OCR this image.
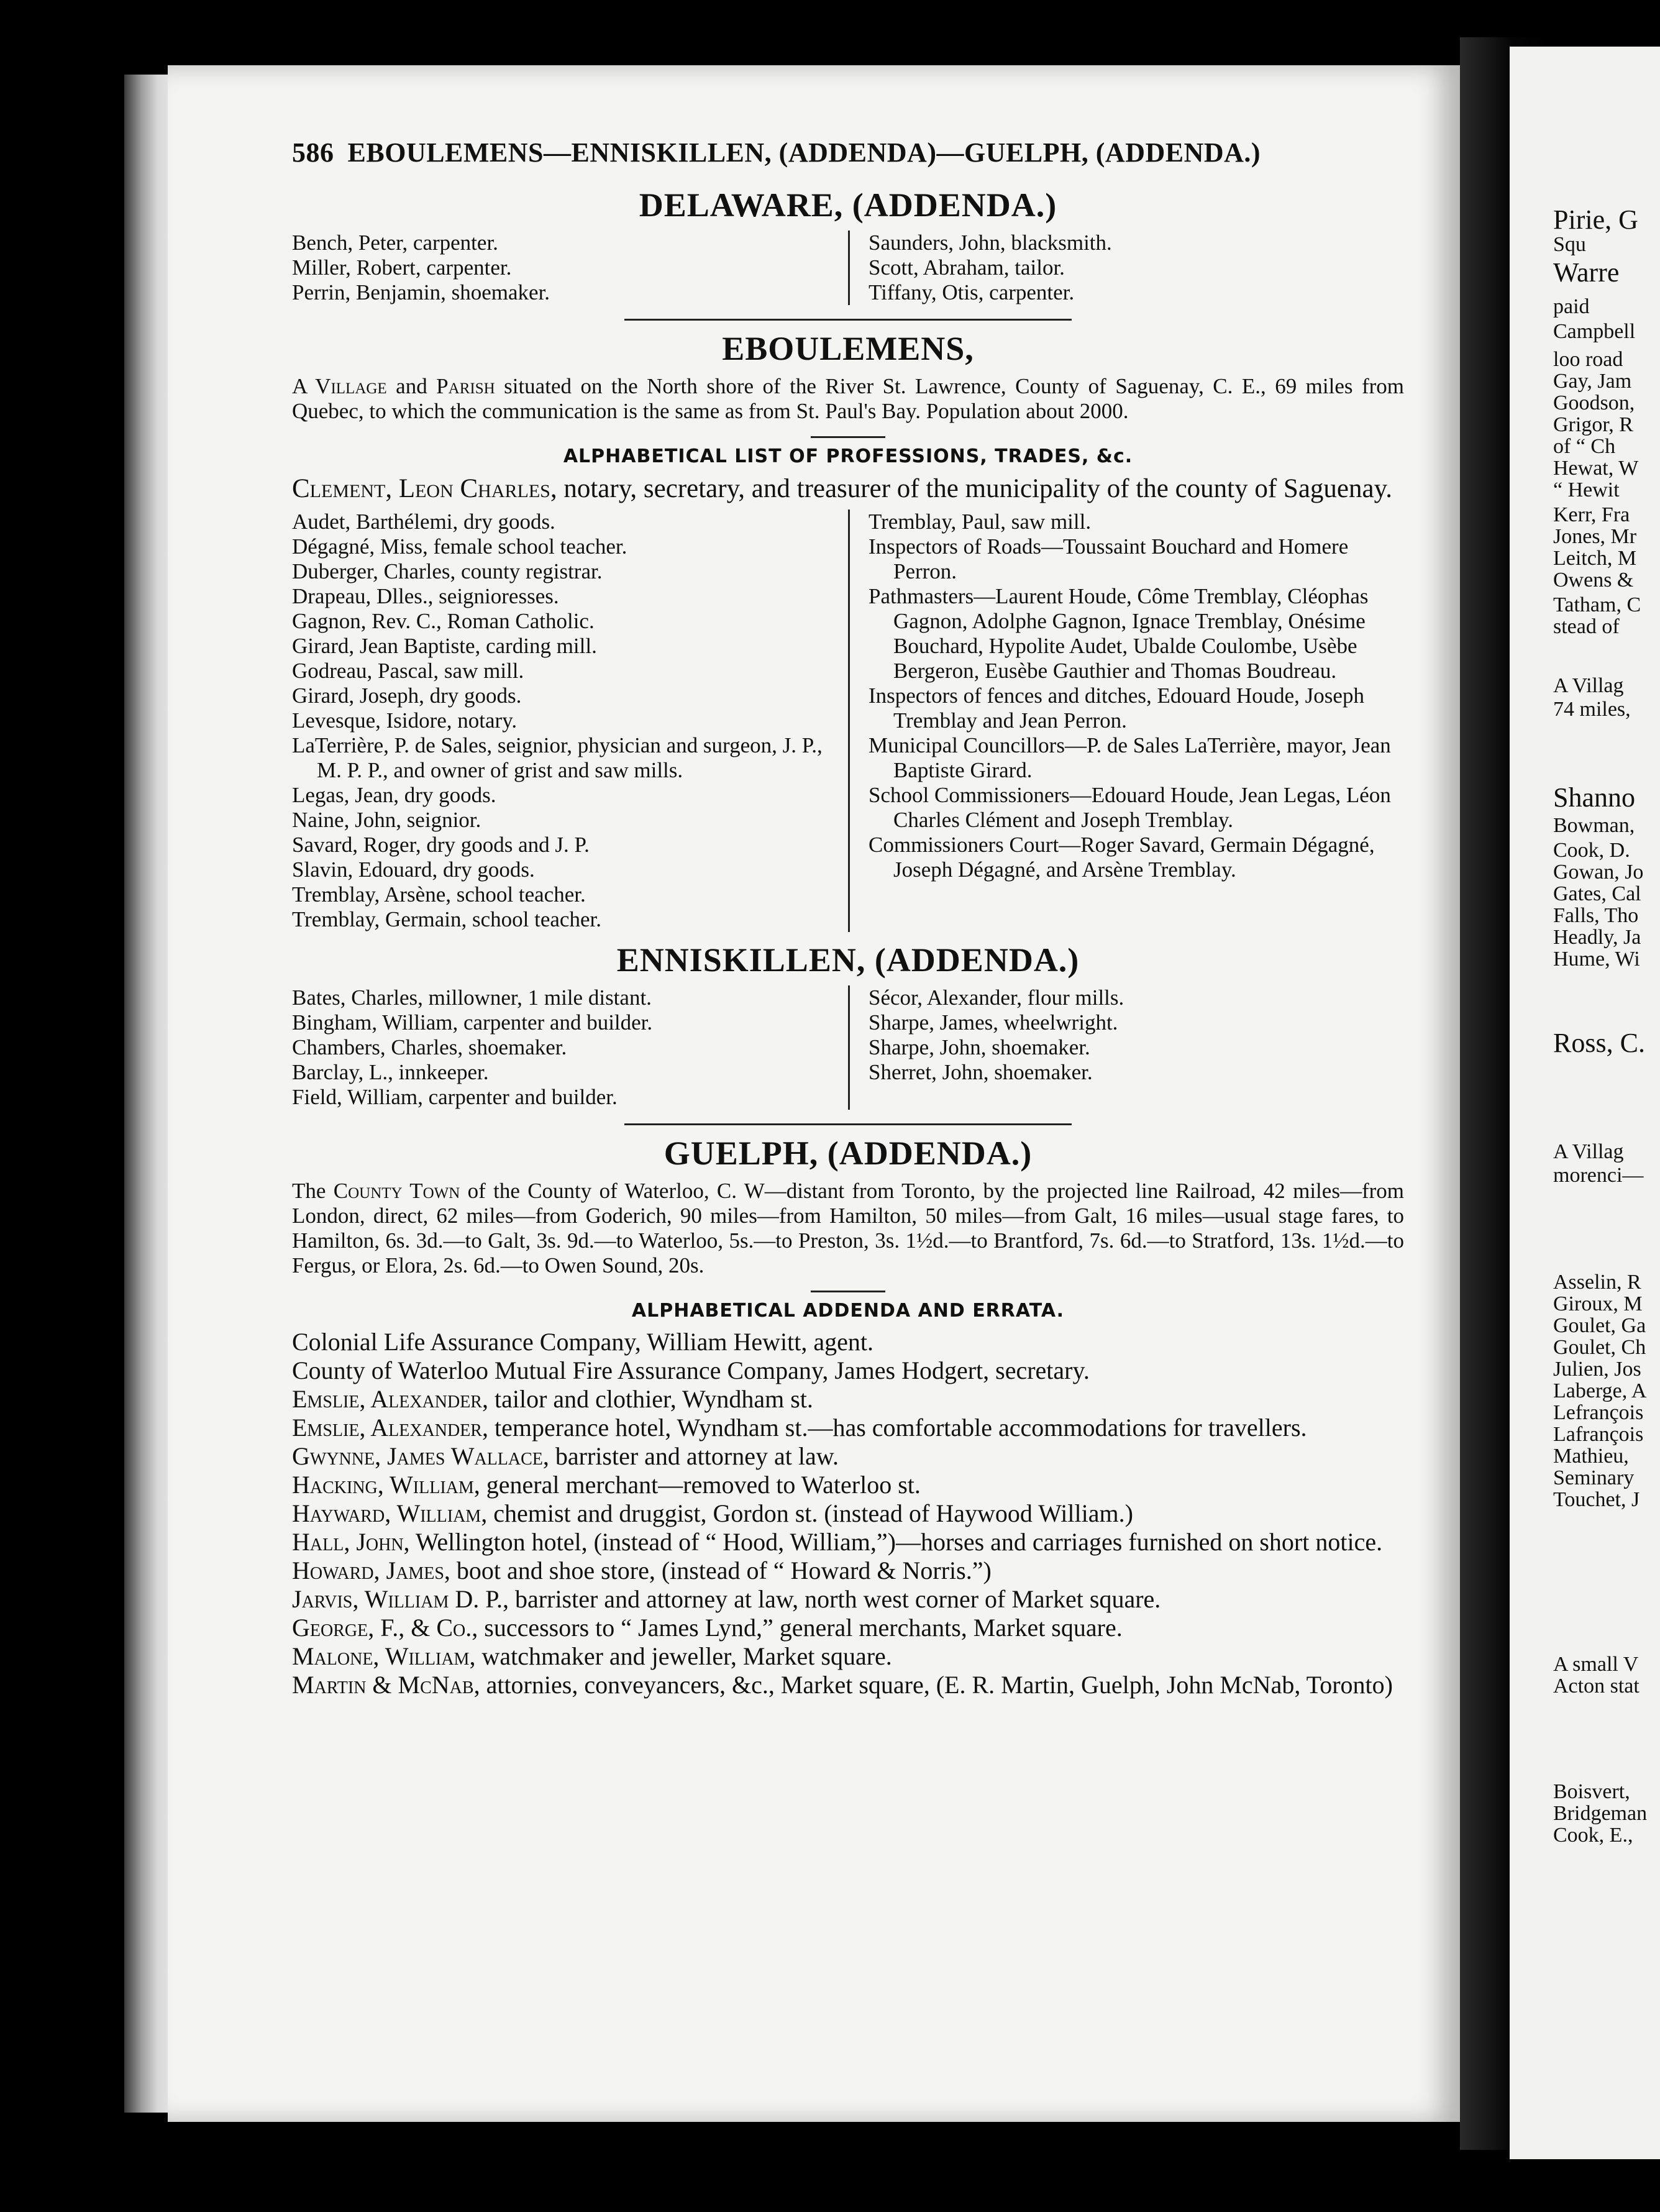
Pirie, G
Squ
Warre
paid
Campbell
loo road
Gay, Jam
Goodson,
Grigor, R
of “ Ch
Hewat, W
“ Hewit
Kerr, Fra
Jones, Mr
Leitch, M
Owens &
Tatham, C
stead of
A Villag
74 miles,
Shanno
Bowman,
Cook, D.
Gowan, Jo
Gates, Cal
Falls, Tho
Headly, Ja
Hume, Wi
Ross, C.
A Villag
morenci—
Asselin, R
Giroux, M
Goulet, Ga
Goulet, Ch
Julien, Jos
Laberge, A
Lefrançois
Lafrançois
Mathieu,
Seminary
Touchet, J
A small V
Acton stat
Boisvert,
Bridgeman
Cook, E.,
586 EBOULEMENS—ENNISKILLEN, (ADDENDA)—GUELPH, (ADDENDA.)
DELAWARE, (ADDENDA.)
Bench, Peter, carpenter.
Miller, Robert, carpenter.
Perrin, Benjamin, shoemaker.
Saunders, John, blacksmith.
Scott, Abraham, tailor.
Tiffany, Otis, carpenter.
EBOULEMENS,
A Village and Parish situated on the North shore of the River St. Lawrence, County of Saguenay, C. E., 69 miles from Quebec, to which the communication is the same as from St. Paul's Bay. Population about 2000.
ALPHABETICAL LIST OF PROFESSIONS, TRADES, &c.
Clement, Leon Charles, notary, secretary, and treasurer of the municipality of the county of Saguenay.
Audet, Barthélemi, dry goods.
Dégagné, Miss, female school teacher.
Duberger, Charles, county registrar.
Drapeau, Dlles., seignioresses.
Gagnon, Rev. C., Roman Catholic.
Girard, Jean Baptiste, carding mill.
Godreau, Pascal, saw mill.
Girard, Joseph, dry goods.
Levesque, Isidore, notary.
LaTerrière, P. de Sales, seignior, physician and surgeon, J. P., M. P. P., and owner of grist and saw mills.
Legas, Jean, dry goods.
Naine, John, seignior.
Savard, Roger, dry goods and J. P.
Slavin, Edouard, dry goods.
Tremblay, Arsène, school teacher.
Tremblay, Germain, school teacher.
Tremblay, Paul, saw mill.
Inspectors of Roads—Toussaint Bouchard and Homere Perron.
Pathmasters—Laurent Houde, Côme Tremblay, Cléophas Gagnon, Adolphe Gagnon, Ignace Tremblay, Onésime Bouchard, Hypolite Audet, Ubalde Coulombe, Usèbe Bergeron, Eusèbe Gauthier and Thomas Boudreau.
Inspectors of fences and ditches, Edouard Houde, Joseph Tremblay and Jean Perron.
Municipal Councillors—P. de Sales LaTerrière, mayor, Jean Baptiste Girard.
School Commissioners—Edouard Houde, Jean Legas, Léon Charles Clément and Joseph Tremblay.
Commissioners Court—Roger Savard, Germain Dégagné, Joseph Dégagné, and Arsène Tremblay.
ENNISKILLEN, (ADDENDA.)
Bates, Charles, millowner, 1 mile distant.
Bingham, William, carpenter and builder.
Chambers, Charles, shoemaker.
Barclay, L., innkeeper.
Field, William, carpenter and builder.
Sécor, Alexander, flour mills.
Sharpe, James, wheelwright.
Sharpe, John, shoemaker.
Sherret, John, shoemaker.
GUELPH, (ADDENDA.)
The County Town of the County of Waterloo, C. W—distant from Toronto, by the projected line Railroad, 42 miles—from London, direct, 62 miles—from Goderich, 90 miles—from Hamilton, 50 miles—from Galt, 16 miles—usual stage fares, to Hamilton, 6s. 3d.—to Galt, 3s. 9d.—to Waterloo, 5s.—to Preston, 3s. 1½d.—to Brantford, 7s. 6d.—to Stratford, 13s. 1½d.—to Fergus, or Elora, 2s. 6d.—to Owen Sound, 20s.
ALPHABETICAL ADDENDA AND ERRATA.
Colonial Life Assurance Company, William Hewitt, agent.
County of Waterloo Mutual Fire Assurance Company, James Hodgert, secretary.
Emslie, Alexander, tailor and clothier, Wyndham st.
Emslie, Alexander, temperance hotel, Wyndham st.—has comfortable accommodations for travellers.
Gwynne, James Wallace, barrister and attorney at law.
Hacking, William, general merchant—removed to Waterloo st.
Hayward, William, chemist and druggist, Gordon st. (instead of Haywood William.)
Hall, John, Wellington hotel, (instead of “ Hood, William,”)—horses and carriages furnished on short notice.
Howard, James, boot and shoe store, (instead of “ Howard & Norris.”)
Jarvis, William D. P., barrister and attorney at law, north west corner of Market square.
George, F., & Co., successors to “ James Lynd,” general merchants, Market square.
Malone, William, watchmaker and jeweller, Market square.
Martin & McNab, attornies, conveyancers, &c., Market square, (E. R. Martin, Guelph, John McNab, Toronto)
